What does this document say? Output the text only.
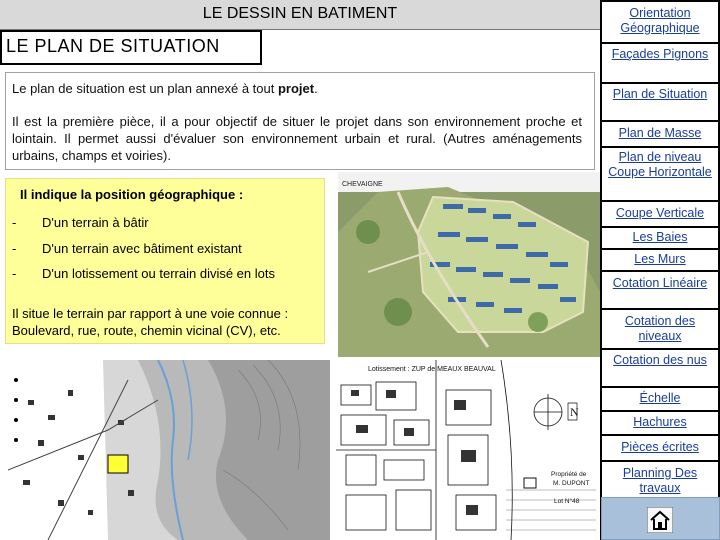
LE DESSIN EN BATIMENT
LE PLAN DE SITUATION
Le plan de situation est un plan annexé à tout projet.
Il est la première pièce, il a pour objectif de situer le projet dans son environnement proche et lointain. Il permet aussi d'évaluer son environnement urbain et rural. (Autres aménagements urbains, champs et voiries).
Il indique la position géographique :
- D'un terrain à bâtir
- D'un terrain avec bâtiment existant
- D'un lotissement ou terrain divisé en lots
Il situe le terrain par rapport à une voie connue : Boulevard, rue, route, chemin vicinal (CV), etc.
CHEVAIGNE
Lotissement : ZUP de MEAUX BEAUVAL
N
Propriété de
M. DUPONT
Lot N°48
Orientation Géographique
Façades Pignons
Plan de Situation
Plan de Masse
Plan de niveau Coupe Horizontale
Coupe Verticale
Les Baies
Les Murs
Cotation Linéaire
Cotation des niveaux
Cotation des nus
Échelle
Hachures
Pièces écrites
Planning Des travaux
